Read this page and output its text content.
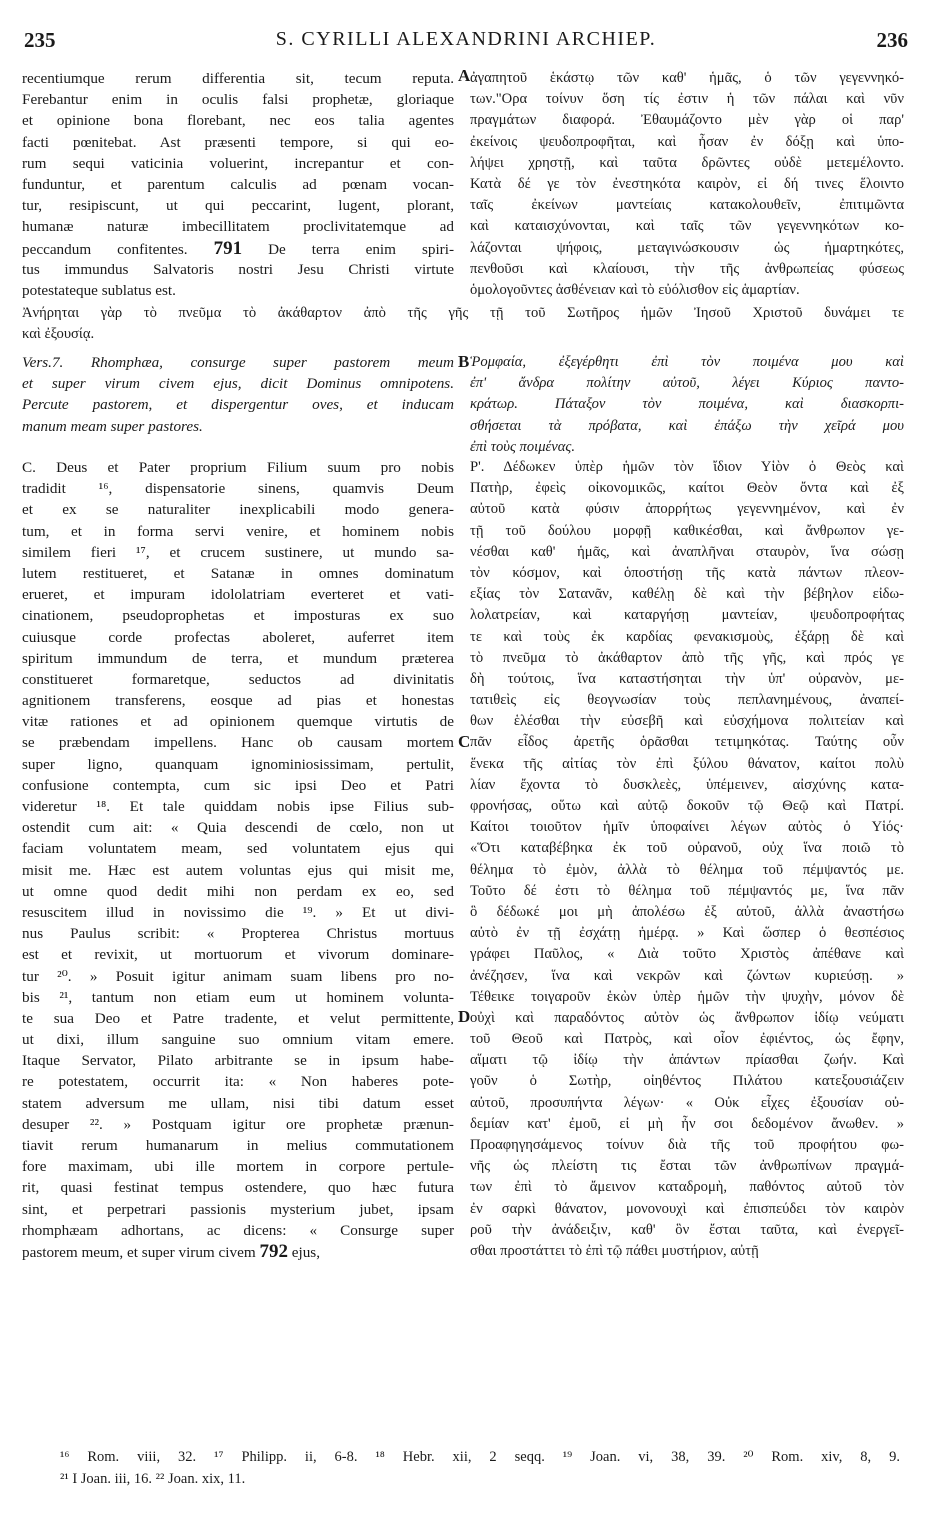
235	S. CYRILLI ALEXANDRINI ARCHIEP.	236
recentiumque rerum differentia sit, tecum reputa.
Ferebantur enim in oculis falsi prophetæ, gloriaque
et opinione bona florebant, nec eos talia agentes
facti pœnitebat. Ast præsenti tempore, si qui eo-
rum sequi vaticinia voluerint, increpantur et con-
funduntur, et parentum calculis ad pœnam vocan-
tur, resipiscunt, ut qui peccarint, lugent, plorant,
humanæ naturæ imbecillitatem proclivitatemque ad
peccandum confitentes. 791 De terra enim spiri-
tus immundus Salvatoris nostri Jesu Christi virtute
potestateque sublatus est.
ἀγαπητοῦ ἑκάστῳ τῶν καθ' ἡμᾶς, ὁ τῶν γεγεννηκό-
των."Ορα τοίνυν ὅση τίς ἐστιν ἡ τῶν πάλαι καὶ νῦν
πραγμάτων διαφορά. Ἐθαυμάζοντο μὲν γὰρ οἱ παρ'
ἐκείνοις ψευδοπροφῆται, καὶ ἦσαν ἐν δόξῃ καὶ ὑπο-
λήψει χρηστῇ, καὶ ταῦτα δρῶντες οὐδὲ μετεμέλοντο.
Κατὰ δέ γε τὸν ἐνεστηκότα καιρὸν, εἰ δή τινες ἕλοιντο
ταῖς ἐκείνων μαντείαις κατακολουθεῖν, ἐπιτιμῶντα
καὶ καταισχύνονται, καὶ ταῖς τῶν γεγεννηκότων κο-
λάζονται ψήφοις, μεταγινώσκουσιν ὡς ἡμαρτηκότες,
πενθοῦσι καὶ κλαίουσι, τὴν τῆς ἀνθρωπείας φύσεως
ὁμολογοῦντες ἀσθένειαν καὶ τὸ εὐόλισθον εἰς ἁμαρτίαν.
Ἀνήρηται γὰρ τὸ πνεῦμα τὸ ἀκάθαρτον ἀπὸ τῆς γῆς τῇ τοῦ Σωτῆρος ἡμῶν Ἰησοῦ Χριστοῦ δυνάμει τε
καὶ ἐξουσίᾳ.
Vers.7. Rhomphæa, consurge super pastorem meum
et super virum civem ejus, dicit Dominus omnipotens.
Percute pastorem, et dispergentur oves, et inducam
manum meam super pastores.
Ῥομφαία, ἐξεγέρθητι ἐπὶ τὸν ποιμένα μου καὶ
ἐπ' ἄνδρα πολίτην αὐτοῦ, λέγει Κύριος παντο-
κράτωρ. Πάταξον τὸν ποιμένα, καὶ διασκορπι-
σθήσεται τὰ πρόβατα, καὶ ἐπάξω τὴν χεῖρά μου
ἐπὶ τοὺς ποιμένας.
C. Deus et Pater proprium Filium suum pro nobis
tradidit ¹⁶, dispensatorie sinens, quamvis Deum
et ex se naturaliter inexplicabili modo genera-
tum, et in forma servi venire, et hominem nobis
similem fieri ¹⁷, et crucem sustinere, ut mundo sa-
lutem restitueret, et Satanæ in omnes dominatum
erueret, et impuram idololatriam everteret et vati-
cinationem, pseudoprophetas et imposturas ex suo
cuiusque corde profectas aboleret, auferret item
spiritum immundum de terra, et mundum præterea
constitueret formaretque, seductos ad divinitatis
agnitionem transferens, eosque ad pias et honestas
vitæ rationes et ad opinionem quemque virtutis de
se præbendam impellens. Hanc ob causam mortem
super ligno, quanquam ignominiosissimam, pertulit,
confusione contempta, cum sic ipsi Deo et Patri
videretur ¹⁸. Et tale quiddam nobis ipse Filius sub-
ostendit cum ait: « Quia descendi de cœlo, non ut
faciam voluntatem meam, sed voluntatem ejus qui
misit me. Hæc est autem voluntas ejus qui misit me,
ut omne quod dedit mihi non perdam ex eo, sed
resuscitem illud in novissimo die ¹⁹. » Et ut divi-
nus Paulus scribit: « Propterea Christus mortuus
est et revixit, ut mortuorum et vivorum dominare-
tur ²⁰. » Posuit igitur animam suam libens pro no-
bis ²¹, tantum non etiam eum ut hominem volunta-
te sua Deo et Patre tradente, et velut permittente,
ut dixi, illum sanguine suo omnium vitam emere.
Itaque Servator, Pilato arbitrante se in ipsum habe-
re potestatem, occurrit ita: « Non haberes pote-
statem adversum me ullam, nisi tibi datum esset
desuper ²². » Postquam igitur ore prophetæ prænun-
tiavit rerum humanarum in melius commutationem
fore maximam, ubi ille mortem in corpore pertule-
rit, quasi festinat tempus ostendere, quo hæc futura
sint, et perpetrari passionis mysterium jubet, ipsam
rhomphæam adhortans, ac dicens: « Consurge super
pastorem meum, et super virum civem 792 ejus,
Ρ'. Δέδωκεν ὑπὲρ ἡμῶν τὸν ἴδιον Υἱὸν ὁ Θεὸς καὶ
Πατὴρ, ἐφεὶς οἰκονομικῶς, καίτοι Θεὸν ὄντα καὶ ἐξ
αὐτοῦ κατὰ φύσιν ἀπορρήτως γεγεννημένον, καὶ ἐν
τῇ τοῦ δούλου μορφῇ καθικέσθαι, καὶ ἄνθρωπον γε-
νέσθαι καθ' ἡμᾶς, καὶ ἀναπλῆναι σταυρὸν, ἵνα σώσῃ
τὸν κόσμον, καὶ ὁποστήσῃ τῆς κατὰ πάντων πλεον-
εξίας τὸν Σατανᾶν, καθέλῃ δὲ καὶ τὴν βέβηλον εἰδω-
λολατρείαν, καὶ καταργήσῃ μαντείαν, ψευδοπροφήτας
τε καὶ τοὺς ἐκ καρδίας φενακισμοὺς, ἐξάρῃ δὲ καὶ
τὸ πνεῦμα τὸ ἀκάθαρτον ἀπὸ τῆς γῆς, καὶ πρός γε
δὴ τούτοις, ἵνα καταστήσηται τὴν ὑπ' οὐρανὸν, με-
τατιθεὶς εἰς θεογνωσίαν τοὺς πεπλανημένους, ἀναπεί-
θων ἑλέσθαι τὴν εὐσεβῆ καὶ εὐσχήμονα πολιτείαν καὶ
πᾶν εἶδος ἀρετῆς ὁρᾶσθαι τετιμηκότας. Ταύτης οὖν
ἕνεκα τῆς αἰτίας τὸν ἐπὶ ξύλου θάνατον, καίτοι πολὺ
λίαν ἔχοντα τὸ δυσκλεὲς, ὑπέμεινεν, αἰσχύνης κατα-
φρονήσας, οὕτω καὶ αὐτῷ δοκοῦν τῷ Θεῷ καὶ Πατρί.
Καίτοι τοιοῦτον ἡμῖν ὑποφαίνει λέγων αὐτὸς ὁ Υἱός·
«Ὅτι καταβέβηκα ἐκ τοῦ οὐρανοῦ, οὐχ ἵνα ποιῶ τὸ
θέλημα τὸ ἐμὸν, ἀλλὰ τὸ θέλημα τοῦ πέμψαντός με.
Τοῦτο δέ ἐστι τὸ θέλημα τοῦ πέμψαντός με, ἵνα πᾶν
ὃ δέδωκέ μοι μὴ ἀπολέσω ἐξ αὐτοῦ, ἀλλὰ ἀναστήσω
αὐτὸ ἐν τῇ ἐσχάτῃ ἡμέρᾳ. » Καὶ ὥσπερ ὁ θεσπέσιος
γράφει Παῦλος, « Διὰ τοῦτο Χριστὸς ἀπέθανε καὶ
ἀνέζησεν, ἵνα καὶ νεκρῶν καὶ ζώντων κυριεύσῃ. »
Τέθεικε τοιγαροῦν ἑκὼν ὑπὲρ ἡμῶν τὴν ψυχὴν, μόνον δὲ
οὐχὶ καὶ παραδόντος αὐτὸν ὡς ἄνθρωπον ἰδίῳ νεύματι
τοῦ Θεοῦ καὶ Πατρὸς, καὶ οἷον ἐφιέντος, ὡς ἔφην,
αἵματι τῷ ἰδίῳ τὴν ἁπάντων πρίασθαι ζωήν. Καὶ
γοῦν ὁ Σωτὴρ, οἰηθέντος Πιλάτου κατεξουσιάζειν
αὐτοῦ, προσυπήντα λέγων· « Οὐκ εἶχες ἐξουσίαν οὐ-
δεμίαν κατ' ἐμοῦ, εἰ μὴ ἦν σοι δεδομένον ἄνωθεν. »
Προαφηγησάμενος τοίνυν διὰ τῆς τοῦ προφήτου φω-
νῆς ὡς πλείστη τις ἔσται τῶν ἀνθρωπίνων πραγμά-
των ἐπὶ τὸ ἄμεινον καταδρομὴ, παθόντος αὐτοῦ τὸν
ἐν σαρκὶ θάνατον, μονονουχὶ καὶ ἐπισπεύδει τὸν καιρὸν
ροῦ τὴν ἀνάδειξιν, καθ' ὃν ἔσται ταῦτα, καὶ ἐνεργεῖ-
σθαι προστάττει τὸ ἐπὶ τῷ πάθει μυστήριον, αὐτῇ
A
B
C
D
¹⁶ Rom. viii, 32. ¹⁷ Philipp. ii, 6-8. ¹⁸ Hebr. xii, 2 seqq. ¹⁹ Joan. vi, 38, 39. ²⁰ Rom. xiv, 8, 9.
²¹ I Joan. iii, 16. ²² Joan. xix, 11.
